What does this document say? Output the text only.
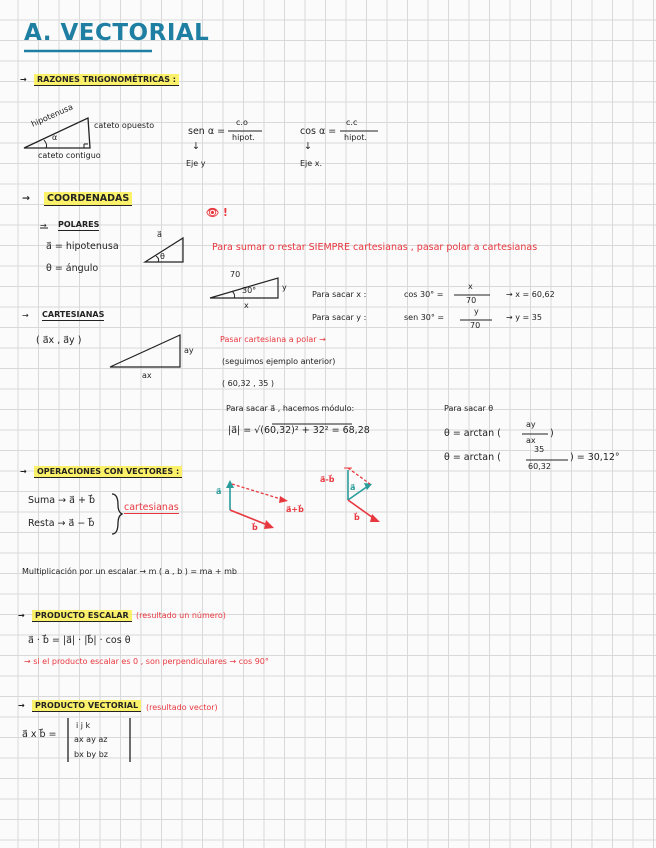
A. VECTORIAL
→	RAZONES TRIGONOMÉTRICAS :
hipotenusa
α
cateto opuesto
cateto contiguo
sen α =
c.o
hipot.
↓
Eje y
cos α =
c.c
hipot.
↓
Eje x.
→	COORDENADAS
→ POLARES
a⃗ = hipotenusa
θ = ángulo
a⃗
θ
👁 !
Para sumar o restar SIEMPRE cartesianas , pasar polar a cartesianas
70
30°	y
x
Para sacar x :	cos 30° =
x
70
→ x = 60,62
Para sacar y :	sen 30° =
y
70
→ y = 35
→ CARTESIANAS
( a⃗x , a⃗y )
ay
ax
Pasar cartesiana a polar →
(seguimos ejemplo anterior)
( 60,32 , 35 )
Para sacar a⃗ , hacemos módulo:
|a⃗| = √(60,32)² + 32² = 68,28
Para sacar θ
θ = arctan (
ay
ax
)
θ = arctan (
35
60,32
) = 30,12°
→	OPERACIONES CON VECTORES :
Suma → a⃗ + b⃗
Resta → a⃗ − b⃗
cartesianas
a⃗
b⃗
a⃗+b⃗
a⃗-b⃗
a⃗
b⃗
Multiplicación por un escalar → m ( a , b ) = ma + mb
→	PRODUCTO ESCALAR (resultado un número)
a⃗ · b⃗ = |a⃗| · |b⃗| · cos θ
→ si el producto escalar es 0 , son perpendiculares → cos 90°
→	PRODUCTO VECTORIAL (resultado vector)
a⃗ x b⃗ =
i j k
ax ay az
bx by bz
